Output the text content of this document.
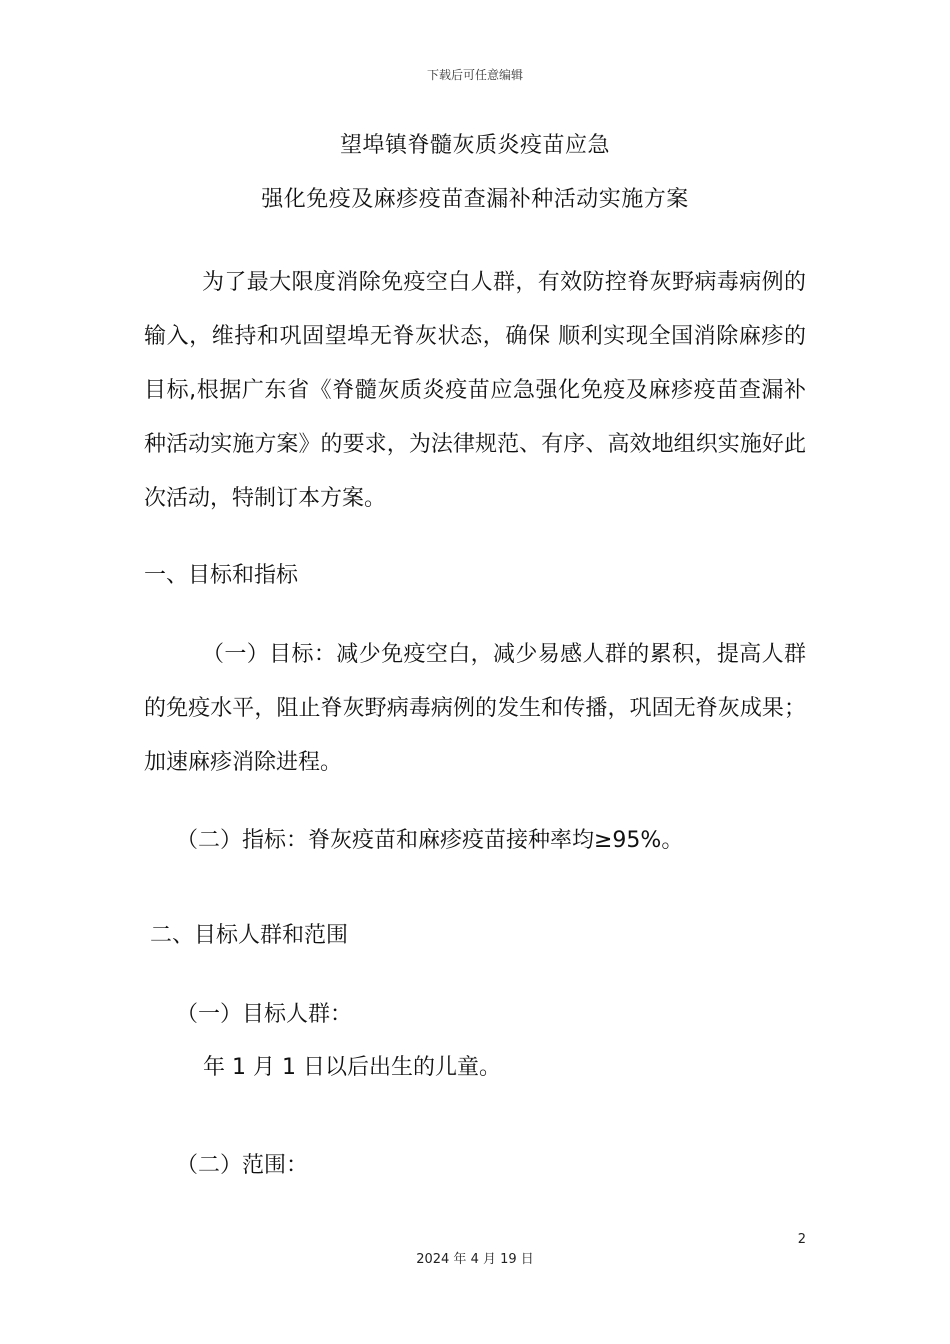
下载后可任意编辑
望埠镇脊髓灰质炎疫苗应急
强化免疫及麻疹疫苗查漏补种活动实施方案
为了最大限度消除免疫空白人群，有效防控脊灰野病毒病例的输入，维持和巩固望埠无脊灰状态，确保 顺利实现全国消除麻疹的目标,根据广东省《脊髓灰质炎疫苗应急强化免疫及麻疹疫苗查漏补种活动实施方案》的要求，为法律规范、有序、高效地组织实施好此次活动，特制订本方案。
一、目标和指标
（一）目标：减少免疫空白，减少易感人群的累积，提高人群的免疫水平，阻止脊灰野病毒病例的发生和传播，巩固无脊灰成果；加速麻疹消除进程。
（二）指标：脊灰疫苗和麻疹疫苗接种率均≥95%。
二、目标人群和范围
（一）目标人群：
年 1 月 1 日以后出生的儿童。
（二）范围：
2
2024 年 4 月 19 日
